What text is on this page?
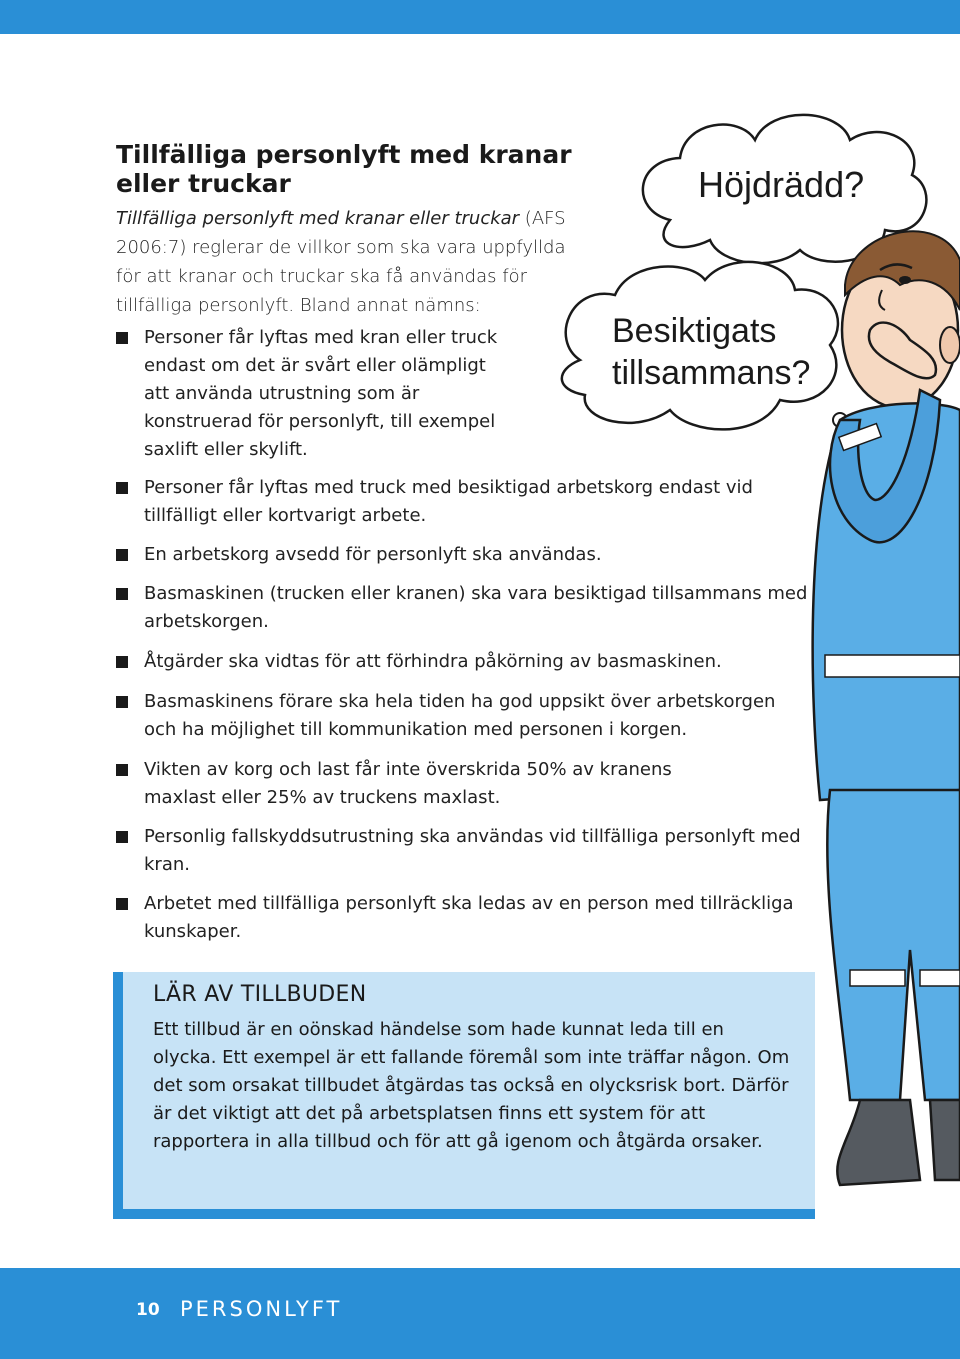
Höjdrädd?
Besiktigats
tillsammans?
Tillfälliga personlyft med kranar eller truckar

Tillfälliga personlyft med kranar eller truckar (AFS 2006:7) reglerar de villkor som ska vara uppfyllda för att kranar och truckar ska få användas för tillfälliga personlyft. Bland annat nämns:

Personer får lyftas med kran eller truck endast om det är svårt eller olämpligt att använda utrustning som är konstruerad för personlyft, till exempel saxlift eller skylift.
Personer får lyftas med truck med besiktigad arbetskorg endast vid tillfälligt eller kortvarigt arbete.
En arbetskorg avsedd för personlyft ska användas.
Basmaskinen (trucken eller kranen) ska vara besiktigad tillsammans med arbetskorgen.
Åtgärder ska vidtas för att förhindra påkörning av basmaskinen.
Basmaskinens förare ska hela tiden ha god uppsikt över arbetskorgen och ha möjlighet till kommunikation med personen i korgen.
Vikten av korg och last får inte överskrida 50% av kranens maxlast eller 25% av truckens maxlast.
Personlig fallskyddsutrustning ska användas vid tillfälliga personlyft med kran.
Arbetet med tillfälliga personlyft ska ledas av en person med tillräckliga kunskaper.
LÄR AV TILLBUDEN

Ett tillbud är en oönskad händelse som hade kunnat leda till en olycka. Ett exempel är ett fallande föremål som inte träffar någon. Om det som orsakat tillbudet åtgärdas tas också en olycksrisk bort. Därför är det viktigt att det på arbetsplatsen finns ett system för att rapportera in alla tillbud och för att gå igenom och åtgärda orsaker.

10 PERSONLYFT
